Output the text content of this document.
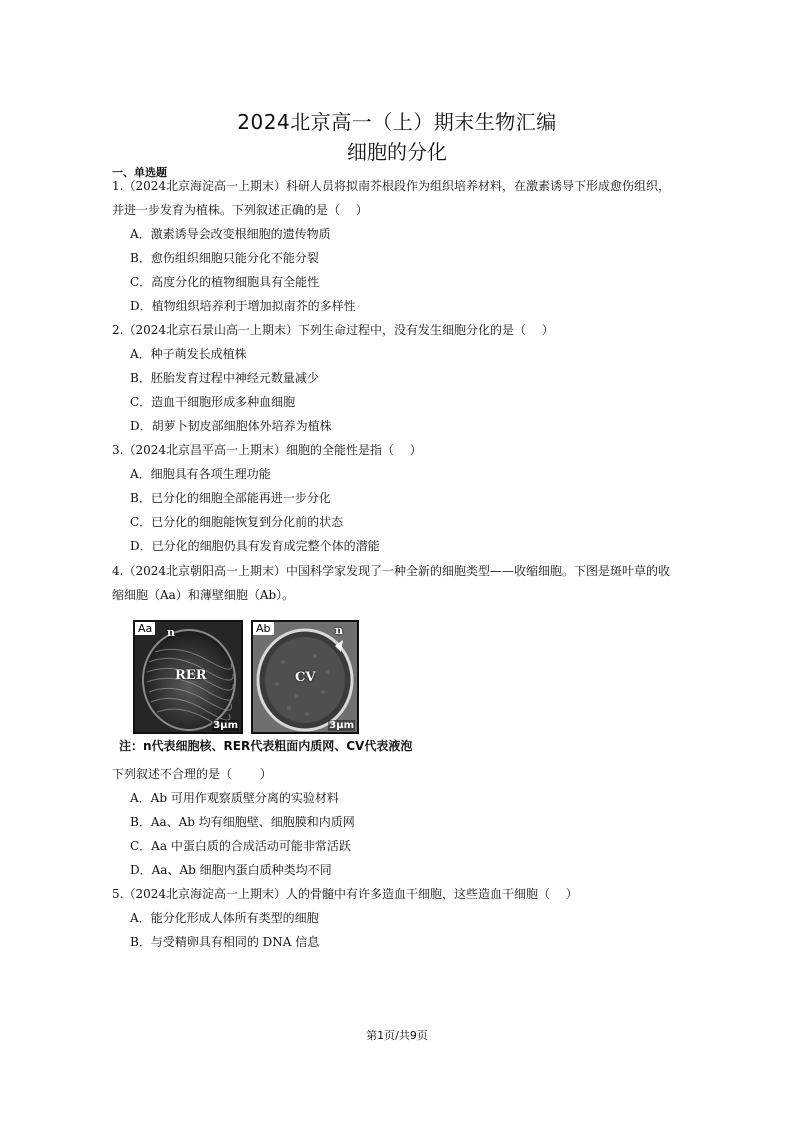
2024北京高一（上）期末生物汇编
细胞的分化
一、单选题
1.（2024北京海淀高一上期末）科研人员将拟南芥根段作为组织培养材料，在激素诱导下形成愈伤组织，
并进一步发育为植株。下列叙述正确的是（　 ）
A．激素诱导会改变根细胞的遗传物质
B．愈伤组织细胞只能分化不能分裂
C．高度分化的植物细胞具有全能性
D．植物组织培养利于增加拟南芥的多样性
2.（2024北京石景山高一上期末）下列生命过程中，没有发生细胞分化的是（　 ）
A．种子萌发长成植株
B．胚胎发育过程中神经元数量减少
C．造血干细胞形成多种血细胞
D．胡萝卜韧皮部细胞体外培养为植株
3.（2024北京昌平高一上期末）细胞的全能性是指（　 ）
A．细胞具有各项生理功能
B．已分化的细胞全部能再进一步分化
C．已分化的细胞能恢复到分化前的状态
D．已分化的细胞仍具有发育成完整个体的潜能
4.（2024北京朝阳高一上期末）中国科学家发现了一种全新的细胞类型——收缩细胞。下图是斑叶草的收
缩细胞（Aa）和薄壁细胞（Ab）。
Aa n
RER
3μm
Ab	n
CV
3μm
注：n代表细胞核、RER代表粗面内质网、CV代表液泡
下列叙述不合理的是（　　 ）
A．Ab 可用作观察质壁分离的实验材料
B．Aa、Ab 均有细胞壁、细胞膜和内质网
C．Aa 中蛋白质的合成活动可能非常活跃
D．Aa、Ab 细胞内蛋白质种类均不同
5.（2024北京海淀高一上期末）人的骨髓中有许多造血干细胞，这些造血干细胞（　 ）
A．能分化形成人体所有类型的细胞
B．与受精卵具有相同的 DNA 信息
第1页/共9页
